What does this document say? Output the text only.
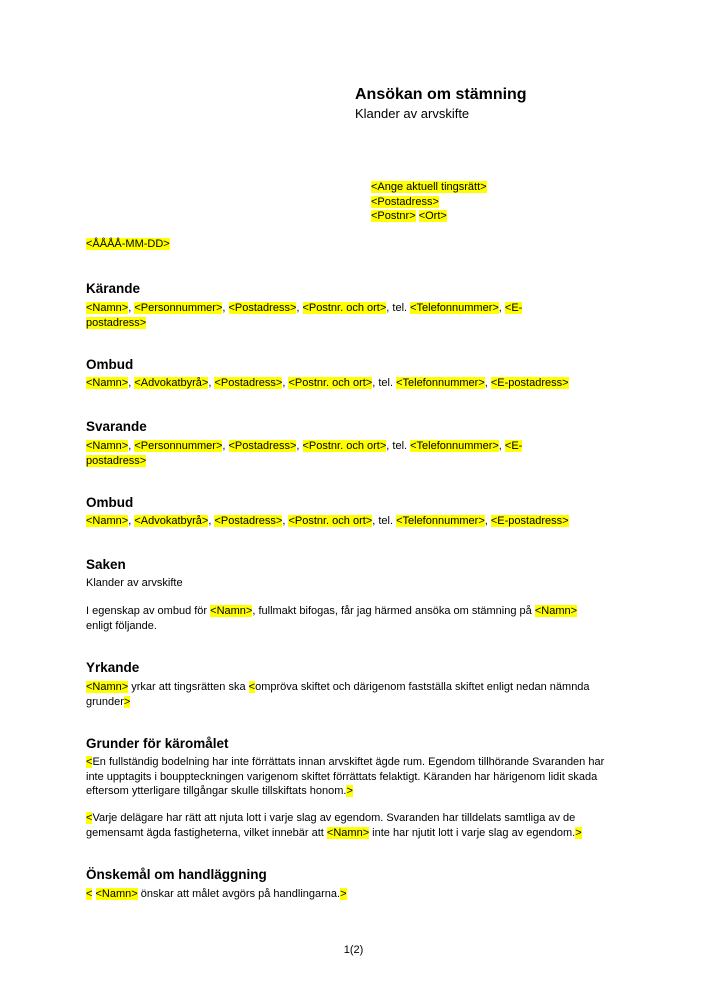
Ansökan om stämning
Klander av arvskifte
<Ange aktuell tingsrätt>
<Postadress>
<Postnr> <Ort>
<ÅÅÅÅ-MM-DD>
Kärande
<Namn>, <Personnummer>, <Postadress>, <Postnr. och ort>, tel. <Telefonnummer>, <E-
postadress>
Ombud
<Namn>, <Advokatbyrå>, <Postadress>, <Postnr. och ort>, tel. <Telefonnummer>, <E-postadress>
Svarande
<Namn>, <Personnummer>, <Postadress>, <Postnr. och ort>, tel. <Telefonnummer>, <E-
postadress>
Ombud
<Namn>, <Advokatbyrå>, <Postadress>, <Postnr. och ort>, tel. <Telefonnummer>, <E-postadress>
Saken
Klander av arvskifte
I egenskap av ombud för <Namn>, fullmakt bifogas, får jag härmed ansöka om stämning på <Namn>
enligt följande.
Yrkande
<Namn> yrkar att tingsrätten ska <ompröva skiftet och därigenom fastställa skiftet enligt nedan nämnda grunder>
Grunder för käromålet
<En fullständig bodelning har inte förrättats innan arvskiftet ägde rum. Egendom tillhörande Svaranden har inte upptagits i bouppteckningen varigenom skiftet förrättats felaktigt. Käranden har härigenom lidit skada eftersom ytterligare tillgångar skulle tillskiftats honom.>
<Varje delägare har rätt att njuta lott i varje slag av egendom. Svaranden har tilldelats samtliga av de gemensamt ägda fastigheterna, vilket innebär att <Namn> inte har njutit lott i varje slag av egendom.>
Önskemål om handläggning
< <Namn> önskar att målet avgörs på handlingarna.>
1(2)
